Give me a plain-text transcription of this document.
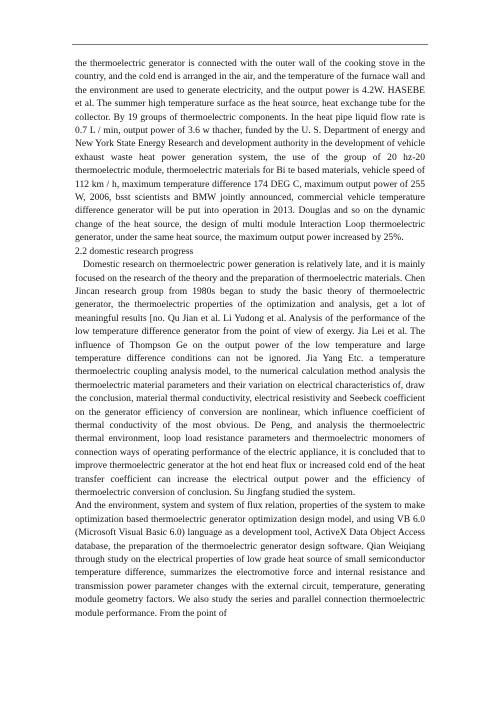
the thermoelectric generator is connected with the outer wall of the cooking stove in the country, and the cold end is arranged in the air, and the temperature of the furnace wall and the environment are used to generate electricity, and the output power is 4.2W. HASEBE et al. The summer high temperature surface as the heat source, heat exchange tube for the collector. By 19 groups of thermoelectric components. In the heat pipe liquid flow rate is 0.7 L / min, output power of 3.6 w thacher, funded by the U. S. Department of energy and New York State Energy Research and development authority in the development of vehicle exhaust waste heat power generation system, the use of the group of 20 hz-20 thermoelectric module, thermoelectric materials for Bi te based materials, vehicle speed of 112 km / h, maximum temperature difference 174 DEG C, maximum output power of 255 W, 2006, bsst scientists and BMW jointly announced, commercial vehicle temperature difference generator will be put into operation in 2013. Douglas and so on the dynamic change of the heat source, the design of multi module Interaction Loop thermoelectric generator, under the same heat source, the maximum output power increased by 25%.

2.2 domestic research progress

Domestic research on thermoelectric power generation is relatively late, and it is mainly focused on the research of the theory and the preparation of thermoelectric materials. Chen Jincan research group from 1980s began to study the basic theory of thermoelectric generator, the thermoelectric properties of the optimization and analysis, get a lot of meaningful results [no. Qu Jian et al. Li Yudong et al. Analysis of the performance of the low temperature difference generator from the point of view of exergy. Jia Lei et al. The influence of Thompson Ge on the output power of the low temperature and large temperature difference conditions can not be ignored. Jia Yang Etc. a temperature thermoelectric coupling analysis model, to the numerical calculation method analysis the thermoelectric material parameters and their variation on electrical characteristics of, draw the conclusion, material thermal conductivity, electrical resistivity and Seebeck coefficient on the generator efficiency of conversion are nonlinear, which influence coefficient of thermal conductivity of the most obvious. De Peng, and analysis the thermoelectric thermal environment, loop load resistance parameters and thermoelectric monomers of connection ways of operating performance of the electric appliance, it is concluded that to improve thermoelectric generator at the hot end heat flux or increased cold end of the heat transfer coefficient can increase the electrical output power and the efficiency of thermoelectric conversion of conclusion. Su Jingfang studied the system.

And the environment, system and system of flux relation, properties of the system to make optimization based thermoelectric generator optimization design model, and using VB 6.0 (Microsoft Visual Basic 6.0) language as a development tool, ActiveX Data Object Access database, the preparation of the thermoelectric generator design software. Qian Weiqiang through study on the electrical properties of low grade heat source of small semiconductor temperature difference, summarizes the electromotive force and internal resistance and transmission power parameter changes with the external circuit, temperature, generating module geometry factors. We also study the series and parallel connection thermoelectric module performance. From the point of
